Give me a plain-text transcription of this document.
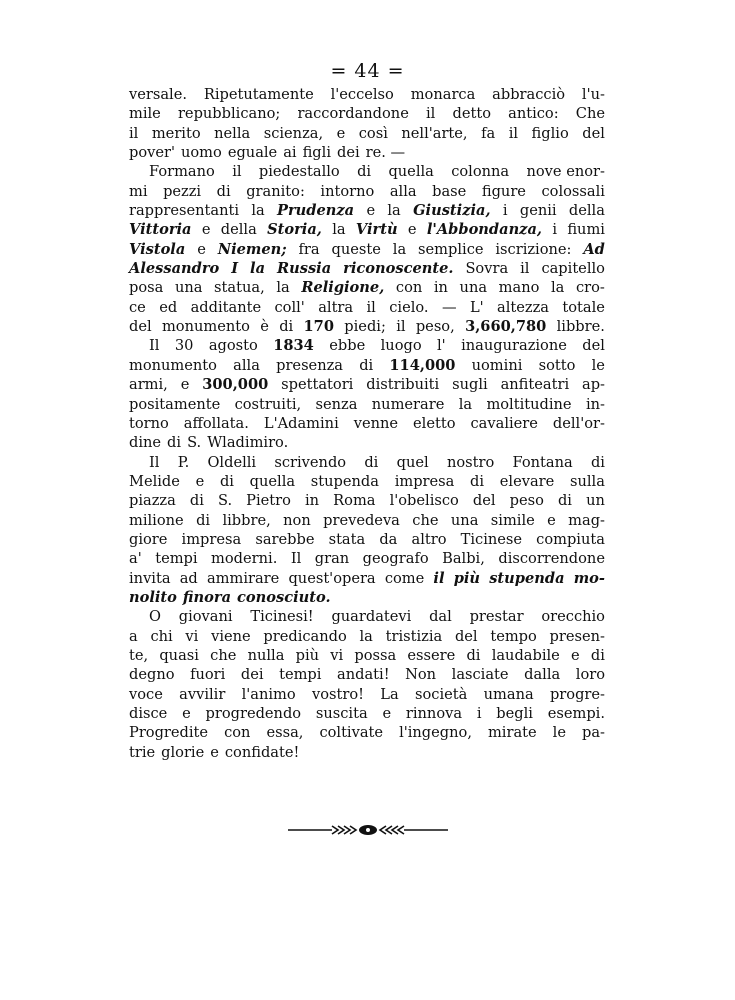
= 44 =
versale. Ripetutamente l'eccelso monarca abbracciò l'u-
mile repubblicano; raccordandone il detto antico: Che
il merito nella scienza, e così nell'arte, fa il figlio del
pover' uomo eguale ai figli dei re. —
Formano il piedestallo di quella colonna nove enor-
mi pezzi di granito: intorno alla base figure colossali
rappresentanti la Prudenza e la Giustizia, i genii della
Vittoria e della Storia, la Virtù e l'Abbondanza, i fiumi
Vistola e Niemen; fra queste la semplice iscrizione: Ad
Alessandro I la Russia riconoscente. Sovra il capitello
posa una statua, la Religione, con in una mano la cro-
ce ed additante coll' altra il cielo. — L' altezza totale
del monumento è di 170 piedi; il peso, 3,660,780 libbre.
Il 30 agosto 1834 ebbe luogo l' inaugurazione del
monumento alla presenza di 114,000 uomini sotto le
armi, e 300,000 spettatori distribuiti sugli anfiteatri ap-
positamente costruiti, senza numerare la moltitudine in-
torno affollata. L'Adamini venne eletto cavaliere dell'or-
dine di S. Wladimiro.
Il P. Oldelli scrivendo di quel nostro Fontana di
Melide e di quella stupenda impresa di elevare sulla
piazza di S. Pietro in Roma l'obelisco del peso di un
milione di libbre, non prevedeva che una simile e mag-
giore impresa sarebbe stata da altro Ticinese compiuta
a' tempi moderni. Il gran geografo Balbi, discorrendone
invita ad ammirare quest'opera come il più stupenda mo-
nolito finora conosciuto.
O giovani Ticinesi! guardatevi dal prestar orecchio
a chi vi viene predicando la tristizia del tempo presen-
te, quasi che nulla più vi possa essere di laudabile e di
degno fuori dei tempi andati! Non lasciate dalla loro
voce avvilir l'animo vostro! La società umana progre-
disce e progredendo suscita e rinnova i begli esempi.
Progredite con essa, coltivate l'ingegno, mirate le pa-
trie glorie e confidate!
